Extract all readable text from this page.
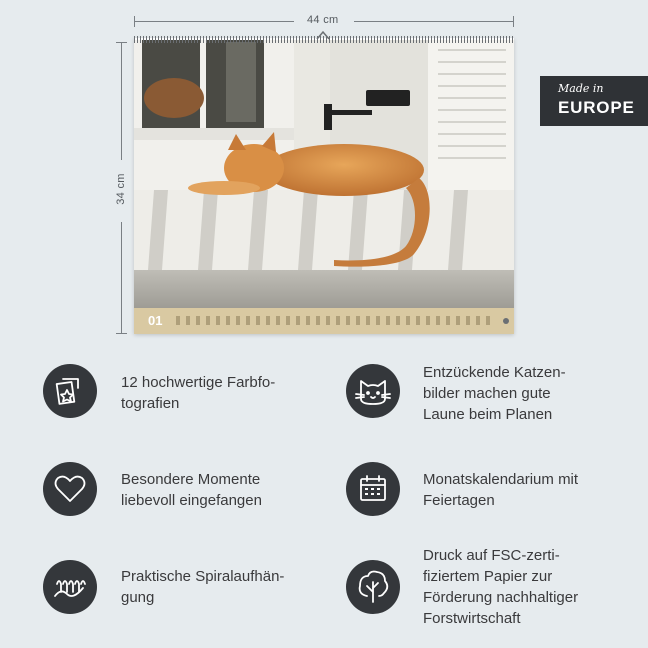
44 cm
34 cm
01
Made in
EUROPE
12 hochwertige Farbfo-
tografien
Entzückende Katzen-
bilder machen gute
Laune beim Planen
Besondere Momente
liebevoll eingefangen
Monatskalendarium mit
Feiertagen
Praktische Spiralaufhän-
gung
Druck auf FSC-zerti-
fiziertem Papier zur
Förderung nachhaltiger
Forstwirtschaft
